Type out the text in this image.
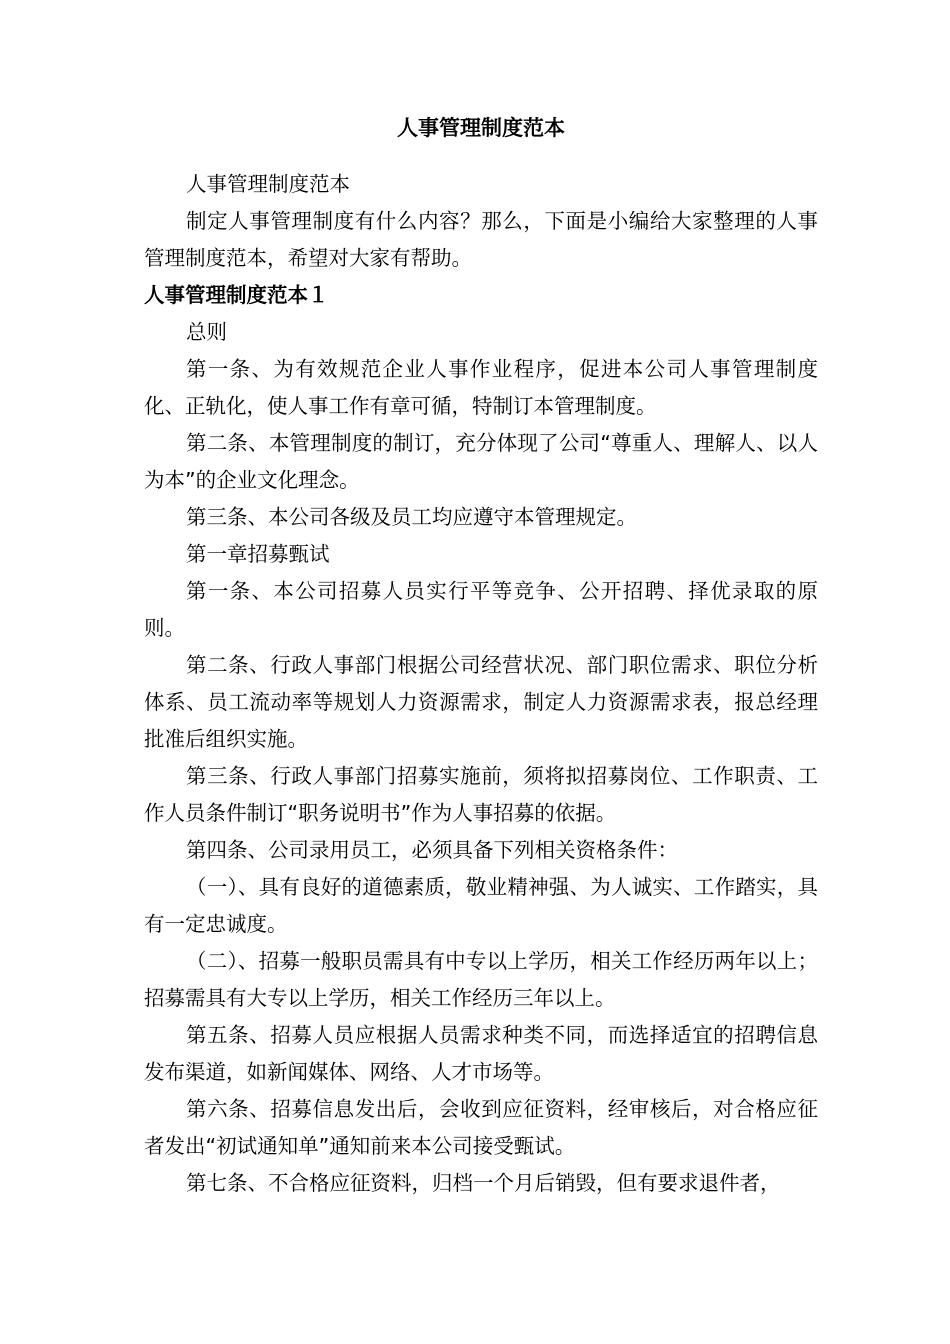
人事管理制度范本

人事管理制度范本

制定人事管理制度有什么内容？那么，下面是小编给大家整理的人事管理制度范本，希望对大家有帮助。

人事管理制度范本１

总则

第一条、为有效规范企业人事作业程序，促进本公司人事管理制度化、正轨化，使人事工作有章可循，特制订本管理制度。

第二条、本管理制度的制订，充分体现了公司“尊重人、理解人、以人为本”的企业文化理念。

第三条、本公司各级及员工均应遵守本管理规定。

第一章招募甄试

第一条、本公司招募人员实行平等竞争、公开招聘、择优录取的原则。

第二条、行政人事部门根据公司经营状况、部门职位需求、职位分析体系、员工流动率等规划人力资源需求，制定人力资源需求表，报总经理批准后组织实施。

第三条、行政人事部门招募实施前，须将拟招募岗位、工作职责、工作人员条件制订“职务说明书”作为人事招募的依据。

第四条、公司录用员工，必须具备下列相关资格条件：

（一）、具有良好的道德素质，敬业精神强、为人诚实、工作踏实，具有一定忠诚度。

（二）、招募一般职员需具有中专以上学历，相关工作经历两年以上；招募需具有大专以上学历，相关工作经历三年以上。

第五条、招募人员应根据人员需求种类不同，而选择适宜的招聘信息发布渠道，如新闻媒体、网络、人才市场等。

第六条、招募信息发出后，会收到应征资料，经审核后，对合格应征者发出“初试通知单”通知前来本公司接受甄试。

第七条、不合格应征资料，归档一个月后销毁，但有要求退件者，
